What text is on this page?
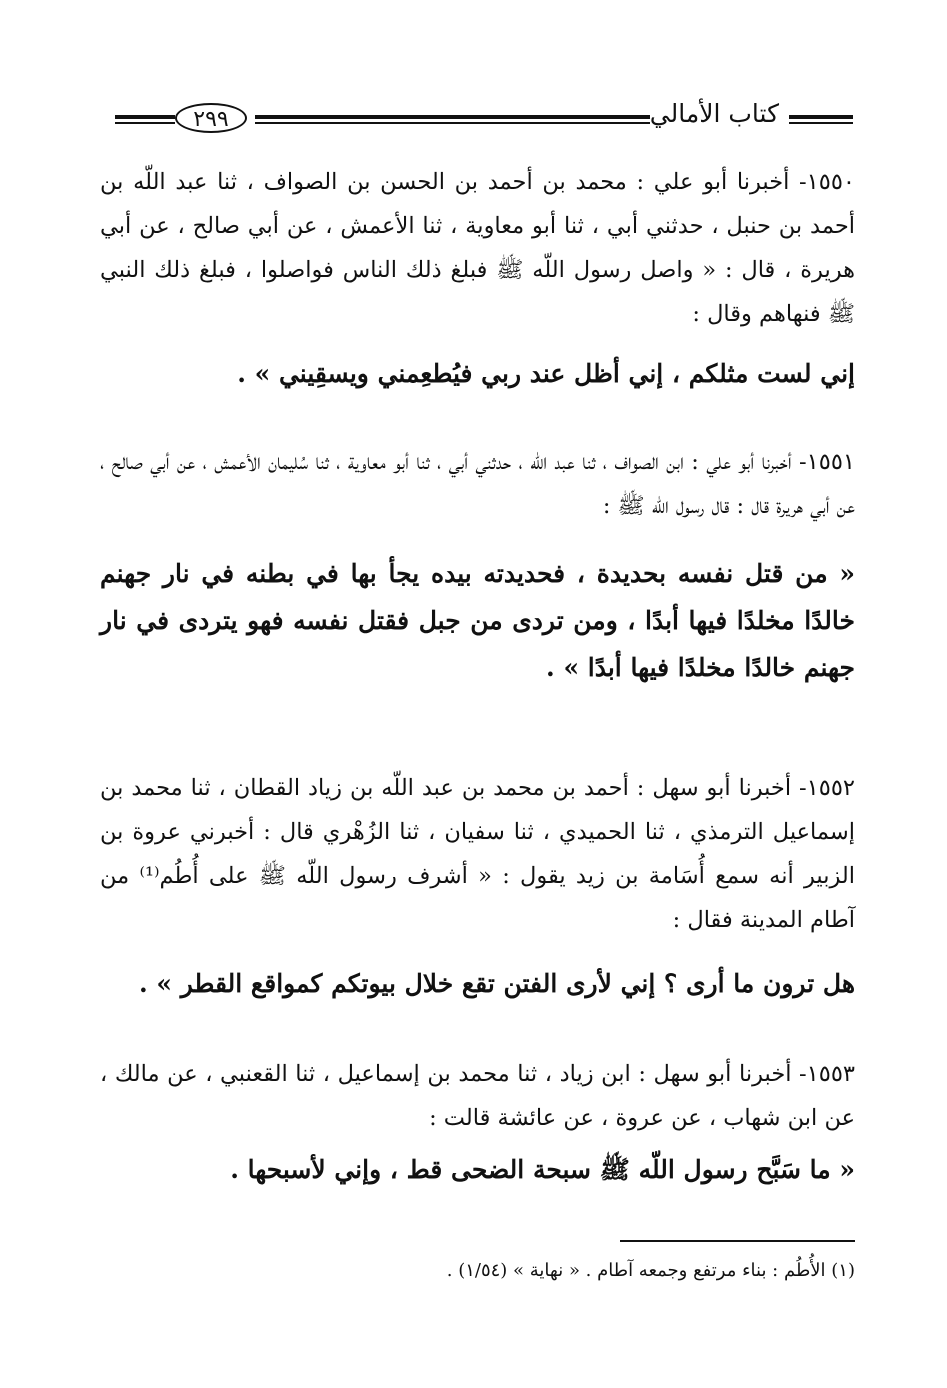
٢٩٩	كتاب الأمالي

١٥٥٠- أخبرنا أبو علي : محمد بن أحمد بن الحسن بن الصواف ، ثنا عبد اللّه بن أحمد بن حنبل ، حدثني أبي ، ثنا أبو معاوية ، ثنا الأعمش ، عن أبي صالح ، عن أبي هريرة ، قال : « واصل رسول اللّه ﷺ فبلغ ذلك الناس فواصلوا ، فبلغ ذلك النبي ﷺ فنهاهم وقال :

إني لست مثلكم ، إني أظل عند ربي فيُطعِمني ويسقِيني » .

١٥٥١- أخبرنا أبو علي : ابن الصواف ، ثنا عبد اللّه ، حدثني أبي ، ثنا أبو معاوية ، ثنا سُليمان الأعمش ، عن أبي صالح ، عن أبي هريرة قال : قال رسول اللّه ﷺ :

« من قتل نفسه بحديدة ، فحديدته بيده يجأ بها في بطنه في نار جهنم خالدًا مخلدًا فيها أبدًا ، ومن تردى من جبل فقتل نفسه فهو يتردى في نار جهنم خالدًا مخلدًا فيها أبدًا » .

١٥٥٢- أخبرنا أبو سهل : أحمد بن محمد بن عبد اللّه بن زياد القطان ، ثنا محمد بن إسماعيل الترمذي ، ثنا الحميدي ، ثنا سفيان ، ثنا الزُهْري قال : أخبرني عروة بن الزبير أنه سمع أُسَامة بن زيد يقول : « أشرف رسول اللّه ﷺ على أُطُم⁽¹⁾ من آطام المدينة فقال :

هل ترون ما أرى ؟ إني لأرى الفتن تقع خلال بيوتكم كمواقع القطر » .

١٥٥٣- أخبرنا أبو سهل : ابن زياد ، ثنا محمد بن إسماعيل ، ثنا القعنبي ، عن مالك ، عن ابن شهاب ، عن عروة ، عن عائشة قالت :

« ما سَبَّح رسول اللّه ﷺ سبحة الضحى قط ، وإني لأسبحها .

(١) الأُطُم : بناء مرتفع وجمعه آطام . « نهاية » (١/٥٤) .
